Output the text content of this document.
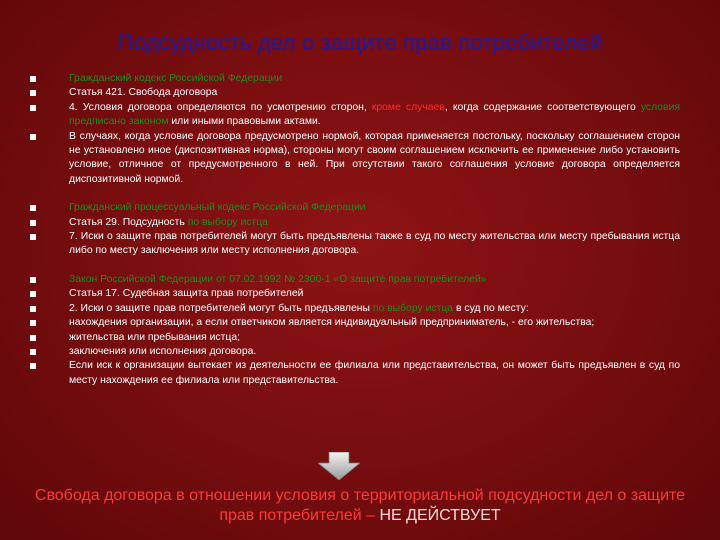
Подсудность дел о защите прав потребителей
Гражданский кодекс Российской Федерации
Статья 421. Свобода договора
4. Условия договора определяются по усмотрению сторон, кроме случаев, когда содержание соответствующего условия предписано законом или иными правовыми актами.
В случаях, когда условие договора предусмотрено нормой, которая применяется постольку, поскольку соглашением сторон не установлено иное (диспозитивная норма), стороны могут своим соглашением исключить ее применение либо установить условие, отличное от предусмотренного в ней. При отсутствии такого соглашения условие договора определяется диспозитивной нормой.
Гражданский процессуальный кодекс Российской Федерации
Статья 29. Подсудность по выбору истца
7. Иски о защите прав потребителей могут быть предъявлены также в суд по месту жительства или месту пребывания истца либо по месту заключения или месту исполнения договора.
Закон Российской Федерации от 07.02.1992 № 2300-1 «О защите прав потребителей»
Статья 17. Судебная защита прав потребителей
2. Иски о защите прав потребителей могут быть предъявлены по выбору истца в суд по месту:
нахождения организации, а если ответчиком является индивидуальный предприниматель, - его жительства;
жительства или пребывания истца;
заключения или исполнения договора.
Если иск к организации вытекает из деятельности ее филиала или представительства, он может быть предъявлен в суд по месту нахождения ее филиала или представительства.
Свобода договора в отношении условия о территориальной подсудности дел о защите прав потребителей – НЕ ДЕЙСТВУЕТ
